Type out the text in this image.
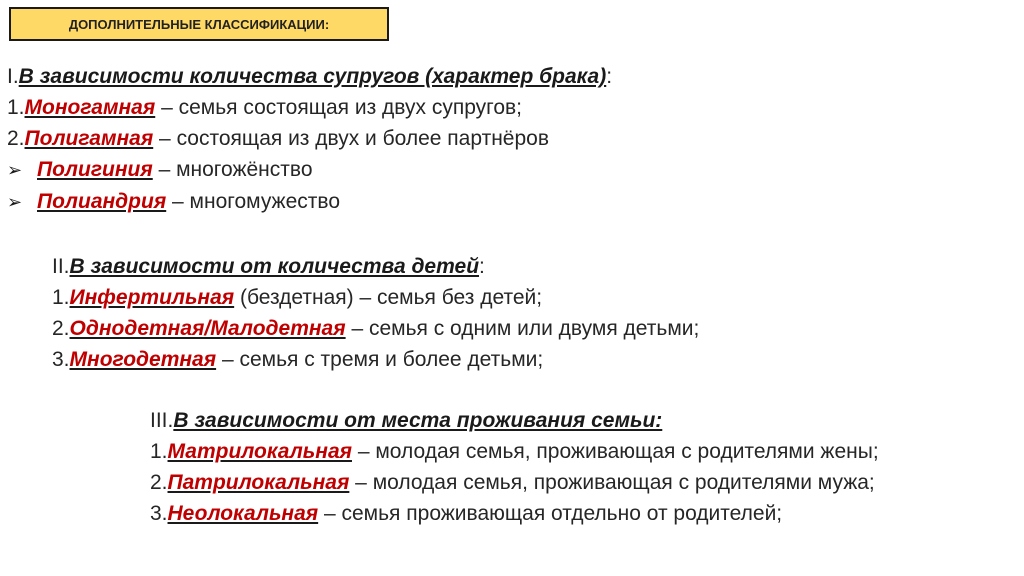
ДОПОЛНИТЕЛЬНЫЕ КЛАССИФИКАЦИИ:
I.В зависимости количества супругов (характер брака):
1.Моногамная – семья состоящая из двух супругов;
2.Полигамная – состоящая из двух и более партнёров
➢ Полигиния – многожёнство
➢ Полиандрия – многомужество
II.В зависимости от количества детей:
1.Инфертильная (бездетная) – семья без детей;
2.Однодетная/Малодетная – семья с одним или двумя детьми;
3.Многодетная – семья с тремя и более детьми;
III.В зависимости от места проживания семьи:
1.Матрилокальная – молодая семья, проживающая с родителями жены;
2.Патрилокальная – молодая семья, проживающая с родителями мужа;
3.Неолокальная – семья проживающая отдельно от родителей;
